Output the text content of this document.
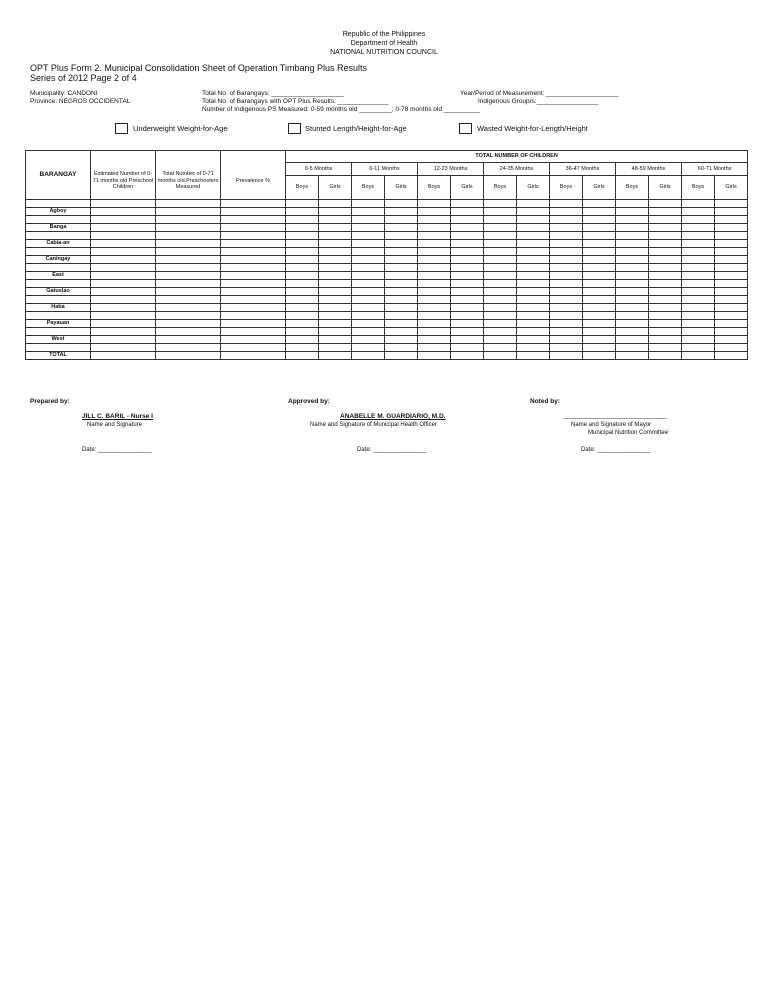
Republic of the Philippines
Department of Health
NATIONAL NUTRITION COUNCIL
OPT Plus Form 2. Municipal Consolidation Sheet of Operation Timbang Plus Results
Series of 2012 Page 2 of 4
Municipality: CANDONI
Province: NEGROS OCCIDENTAL
Total No. of Barangays: ____________________
Total No. of Barangays with OPT Plus Results: ______________
Number of Indigenous PS Measured: 0-59 months old _________; 0-78 months old __________
Year/Period of Measurement: ____________________
Indigenous Group/s:_________________
Underweight Weight-for-Age	Stunted Length/Height-for-Age	Wasted Weight-for-Length/Height
BARANGAY				TOTAL NUMBER OF CHILDREN													
	Estimated Number of 0-71 months old Preschool Children	Total Number of 0-71 months old Preschoolers Measured	Prevalence %	0-5 Months		6-11 Months		12-23 Months		24-35 Months		36-47 Months		48-59 Months		60-71 Months	
				Boys	Girls	Boys	Girls	Boys	Girls	Boys	Girls	Boys	Girls	Boys	Girls	Boys	Girls

Agboy																	

Banga																	

Cabia-an																	

Caningay																	

East																	

Gatuslao																	

Haba																	

Payauan																	

West																	

TOTAL																	
Prepared by:	Approved by:	Noted by:
JILL C. BARIL - Nurse I
Name and Signature
ANABELLE M. GUARDIARIO, M.D.
Name and Signature of Municipal Health Officer
_______________________________
Name and Signature of Mayor
Municipal Nutrition Committee
Date: ________________	Date: ________________	Date: ________________
